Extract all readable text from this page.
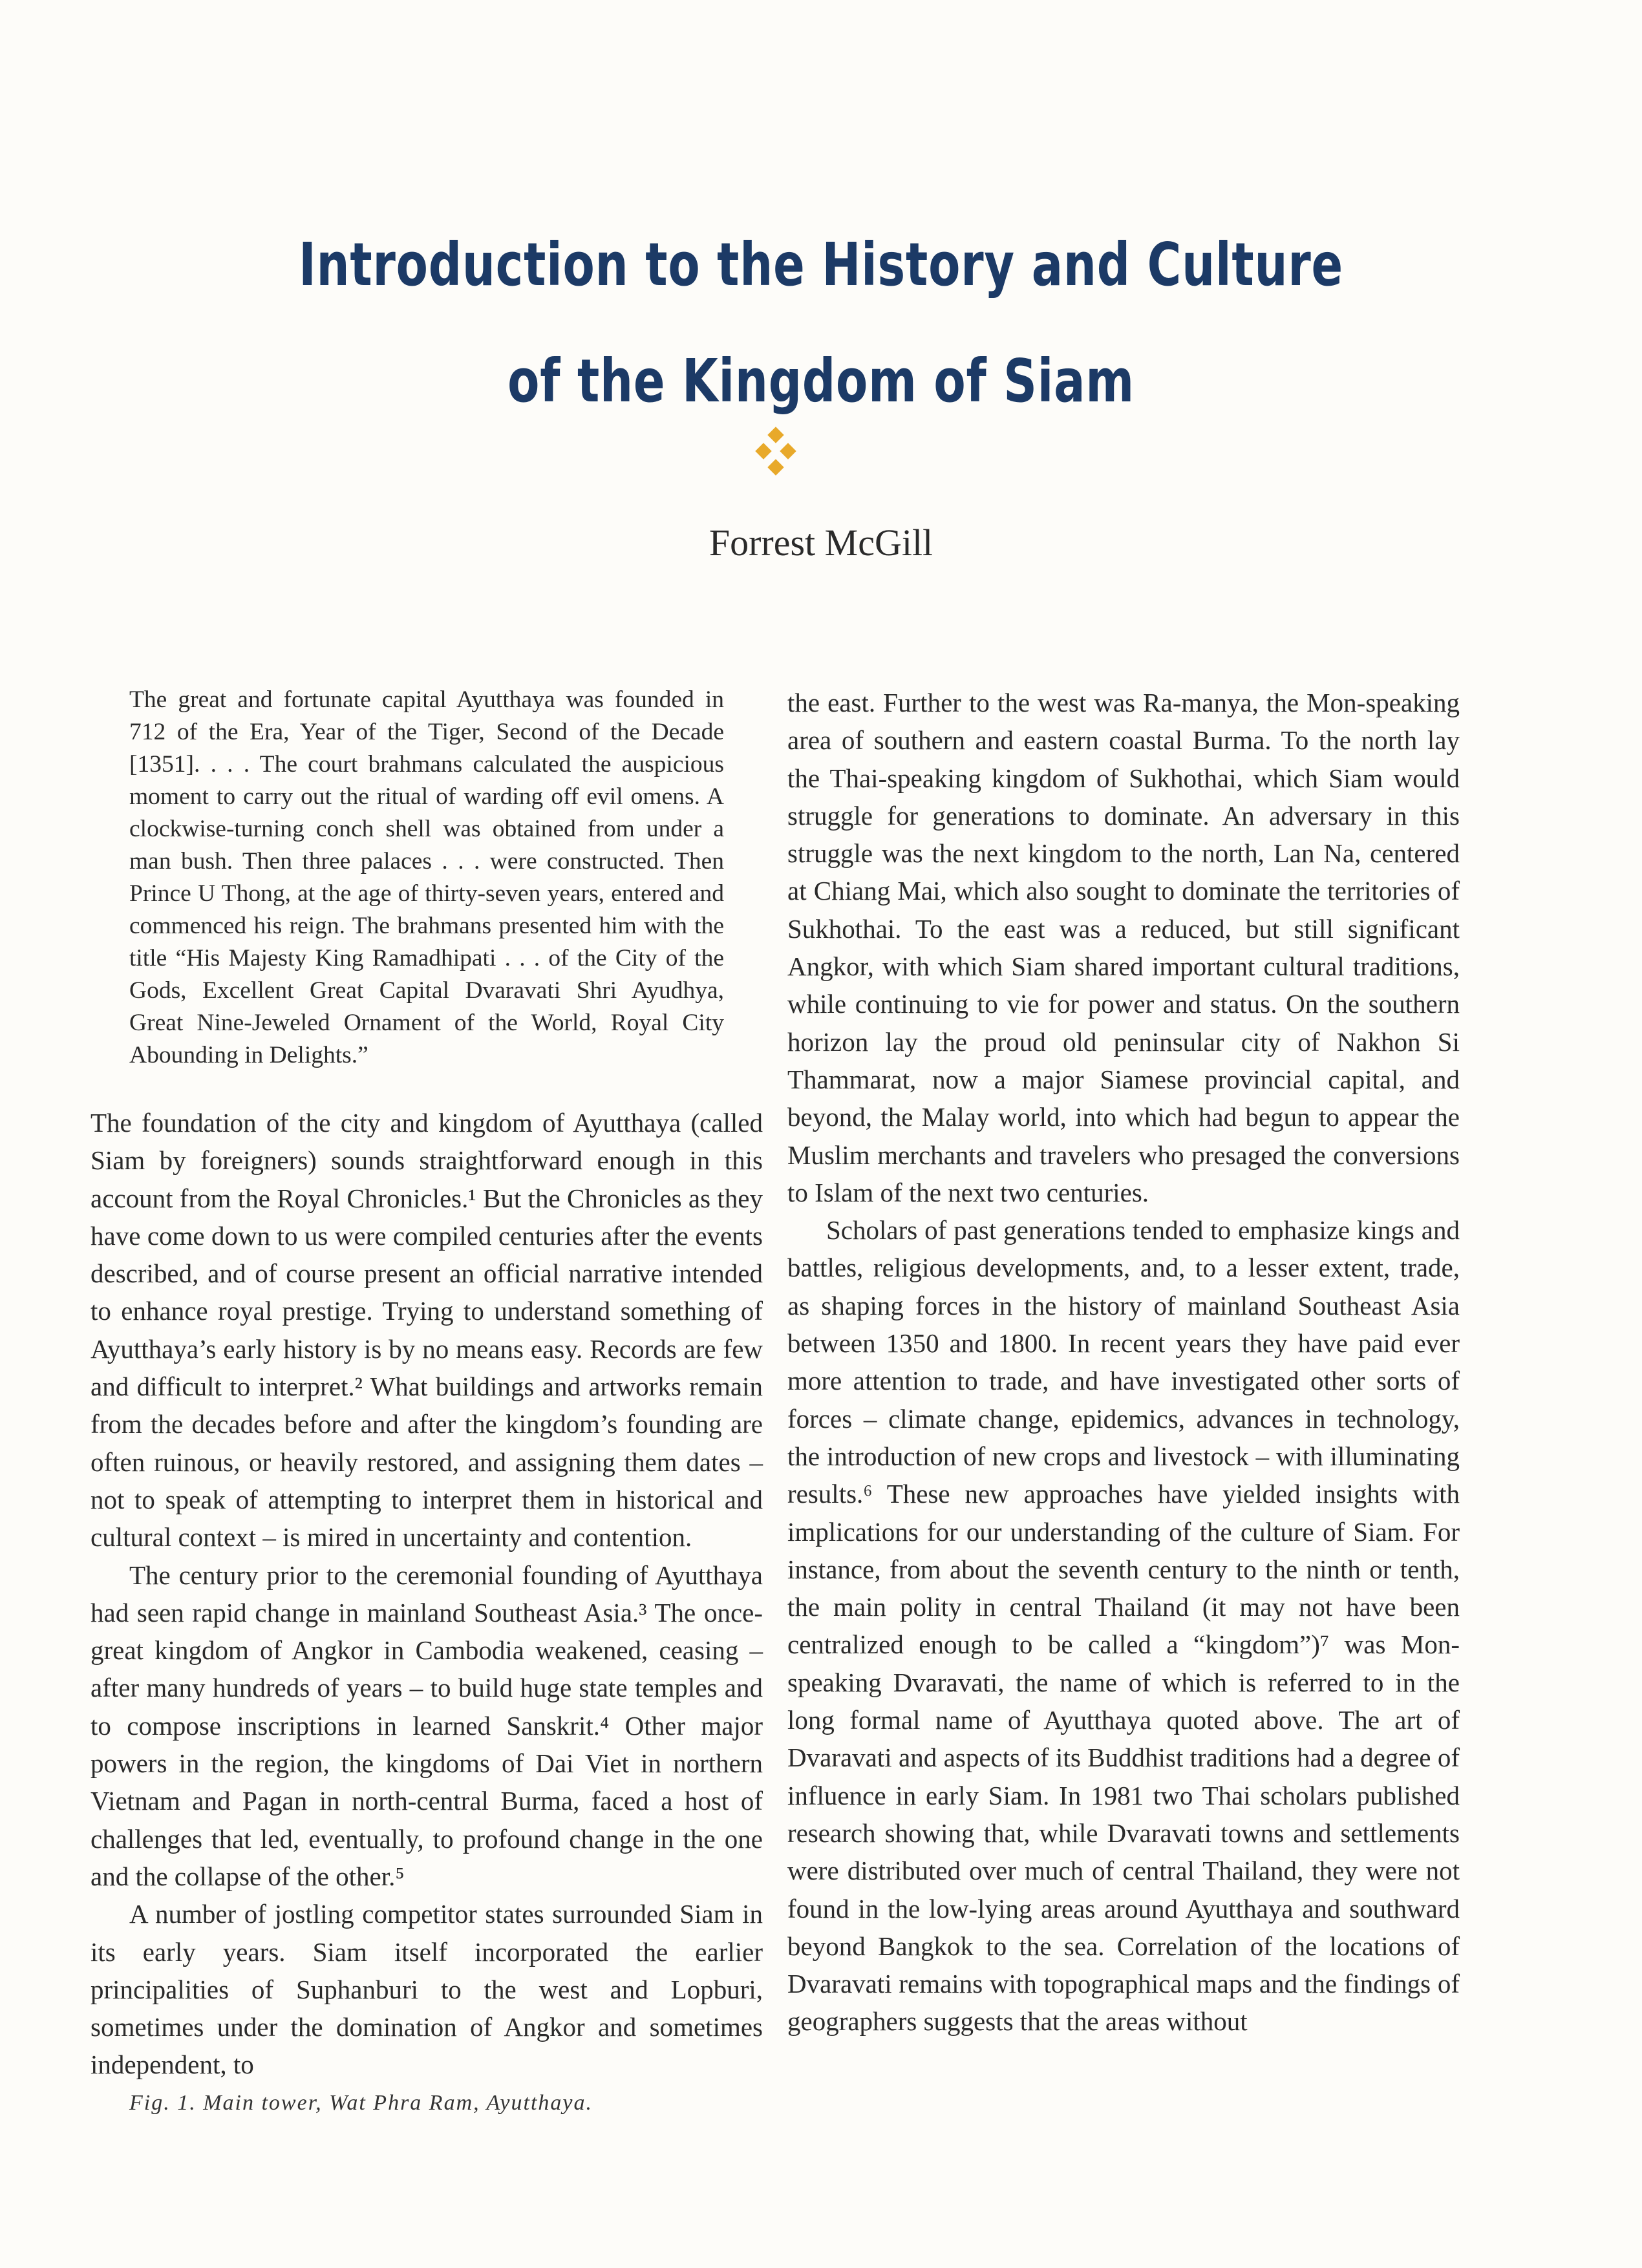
Introduction to the History and Culture
of the Kingdom of Siam
Forrest McGill

The great and fortunate capital Ayutthaya was founded in 712 of the Era, Year of the Tiger, Second of the Decade [1351]. . . . The court brahmans calculated the auspicious moment to carry out the ritual of warding off evil omens. A clockwise-turning conch shell was obtained from under a man bush. Then three palaces . . . were constructed. Then Prince U Thong, at the age of thirty-seven years, entered and commenced his reign. The brahmans presented him with the title “His Majesty King Ramadhipati . . . of the City of the Gods, Excellent Great Capital Dvaravati Shri Ayudhya, Great Nine-Jeweled Ornament of the World, Royal City Abounding in Delights.”

The foundation of the city and kingdom of Ayutthaya (called Siam by foreigners) sounds straightforward enough in this account from the Royal Chronicles.¹ But the Chronicles as they have come down to us were compiled centuries after the events described, and of course present an official narrative intended to enhance royal prestige. Trying to understand something of Ayutthaya’s early history is by no means easy. Records are few and difficult to interpret.² What buildings and artworks remain from the decades before and after the kingdom’s founding are often ruinous, or heavily restored, and assigning them dates – not to speak of attempting to interpret them in historical and cultural context – is mired in uncertainty and contention.

The century prior to the ceremonial founding of Ayutthaya had seen rapid change in mainland Southeast Asia.³ The once-great kingdom of Angkor in Cambodia weakened, ceasing – after many hundreds of years – to build huge state temples and to compose inscriptions in learned Sanskrit.⁴ Other major powers in the region, the kingdoms of Dai Viet in northern Vietnam and Pagan in north-central Burma, faced a host of challenges that led, eventually, to profound change in the one and the collapse of the other.⁵

A number of jostling competitor states surrounded Siam in its early years. Siam itself incorporated the earlier principalities of Suphanburi to the west and Lopburi, sometimes under the domination of Angkor and sometimes independent, to

the east. Further to the west was Ra-manya, the Mon-speaking area of southern and eastern coastal Burma. To the north lay the Thai-speaking kingdom of Sukhothai, which Siam would struggle for generations to dominate. An adversary in this struggle was the next kingdom to the north, Lan Na, centered at Chiang Mai, which also sought to dominate the territories of Sukhothai. To the east was a reduced, but still significant Angkor, with which Siam shared important cultural traditions, while continuing to vie for power and status. On the southern horizon lay the proud old peninsular city of Nakhon Si Thammarat, now a major Siamese provincial capital, and beyond, the Malay world, into which had begun to appear the Muslim merchants and travelers who presaged the conversions to Islam of the next two centuries.

Scholars of past generations tended to emphasize kings and battles, religious developments, and, to a lesser extent, trade, as shaping forces in the history of mainland Southeast Asia between 1350 and 1800. In recent years they have paid ever more attention to trade, and have investigated other sorts of forces – climate change, epidemics, advances in technology, the introduction of new crops and livestock – with illuminating results.⁶ These new approaches have yielded insights with implications for our understanding of the culture of Siam. For instance, from about the seventh century to the ninth or tenth, the main polity in central Thailand (it may not have been centralized enough to be called a “kingdom”)⁷ was Mon-speaking Dvaravati, the name of which is referred to in the long formal name of Ayutthaya quoted above. The art of Dvaravati and aspects of its Buddhist traditions had a degree of influence in early Siam. In 1981 two Thai scholars published research showing that, while Dvaravati towns and settlements were distributed over much of central Thailand, they were not found in the low-lying areas around Ayutthaya and southward beyond Bangkok to the sea. Correlation of the locations of Dvaravati remains with topographical maps and the findings of geographers suggests that the areas without

Fig. 1. Main tower, Wat Phra Ram, Ayutthaya.
